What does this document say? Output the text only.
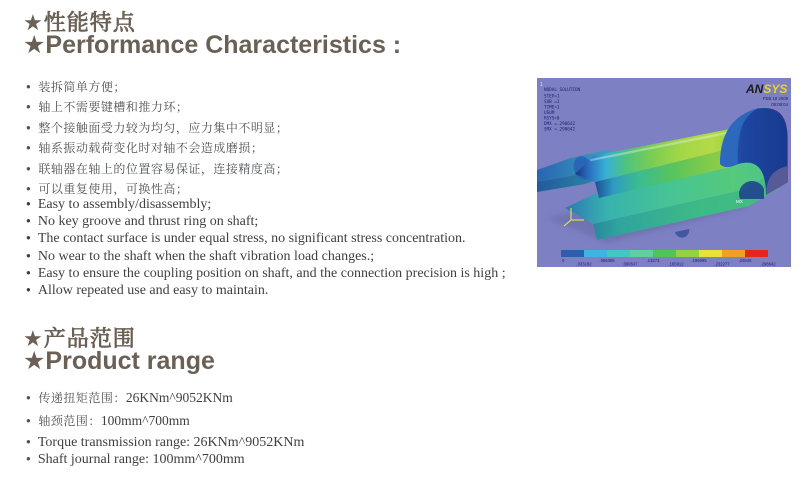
★性能特点
★Performance Characteristics :
● 装拆简单方便；
● 轴上不需要键槽和推力环；
● 整个接触面受力较为均匀，应力集中不明显；
● 轴系振动载荷变化时对轴不会造成磨损；
● 联轴器在轴上的位置容易保证，连接精度高；
● 可以重复使用，可换性高；
● Easy to assembly/disassembly;
● No key groove and thrust ring on shaft;
● The contact surface is under equal stress, no significant stress concentration.
● No wear to the shaft when the shaft vibration load changes.;
● Easy to ensure the coupling position on shaft, and the connection precision is high ;
● Allow repeated use and easy to maintain.
1
NODAL SOLUTION
STEP=1
SUB =1
TIME=1
USUM
RSYS=0
DMX =.298642
SMX =.298642
ANSYS
FEB 18 2009
09:08:04
MX
0
.033182
.066365
.099547
.13273
.165912
.199095
.232277
.26546
.298642
★产品范围
★Product range
● 传递扭矩范围：26KNm^9052KNm
● 轴颈范围：100mm^700mm
● Torque transmission range: 26KNm^9052KNm
● Shaft journal range: 100mm^700mm
